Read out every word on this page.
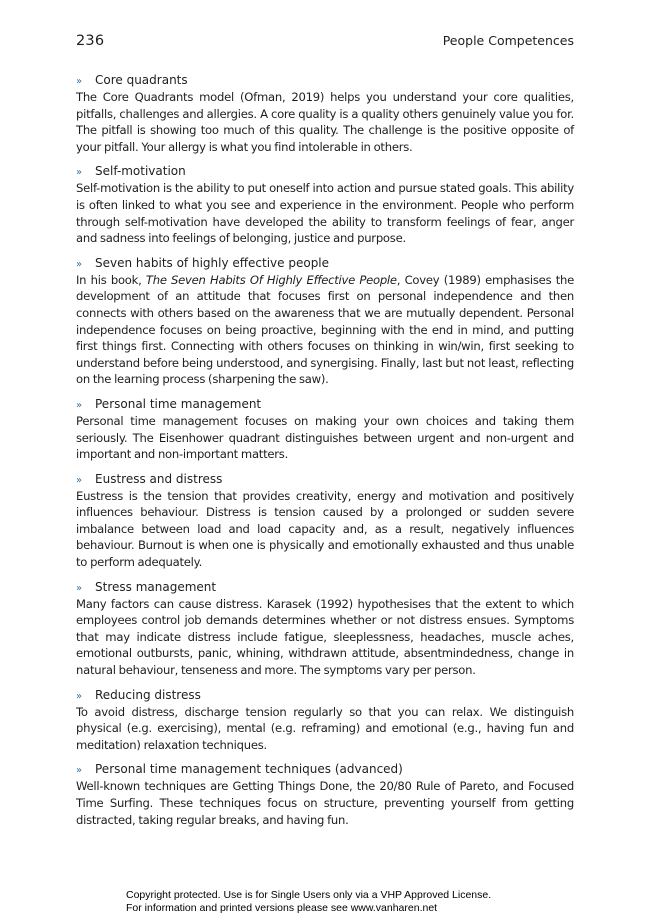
236	People Competences
» Core quadrants

The Core Quadrants model (Ofman, 2019) helps you understand your core qualities, pitfalls, challenges and allergies. A core quality is a quality others genuinely value you for. The pitfall is showing too much of this quality. The challenge is the positive opposite of your pitfall. Your allergy is what you find intolerable in others.

» Self-motivation

Self-motivation is the ability to put oneself into action and pursue stated goals. This ability is often linked to what you see and experience in the environment. People who perform through self-motivation have developed the ability to transform feelings of fear, anger and sadness into feelings of belonging, justice and purpose.

» Seven habits of highly effective people

In his book, The Seven Habits Of Highly Effective People, Covey (1989) emphasises the development of an attitude that focuses first on personal independence and then connects with others based on the awareness that we are mutually dependent. Personal independence focuses on being proactive, beginning with the end in mind, and putting first things first. Connecting with others focuses on thinking in win/win, first seeking to understand before being understood, and synergising. Finally, last but not least, reflecting on the learning process (sharpening the saw).

» Personal time management

Personal time management focuses on making your own choices and taking them seriously. The Eisenhower quadrant distinguishes between urgent and non-urgent and important and non-important matters.

» Eustress and distress

Eustress is the tension that provides creativity, energy and motivation and positively influences behaviour. Distress is tension caused by a prolonged or sudden severe imbalance between load and load capacity and, as a result, negatively influences behaviour. Burnout is when one is physically and emotionally exhausted and thus unable to perform adequately.

» Stress management

Many factors can cause distress. Karasek (1992) hypothesises that the extent to which employees control job demands determines whether or not distress ensues. Symptoms that may indicate distress include fatigue, sleeplessness, headaches, muscle aches, emotional outbursts, panic, whining, withdrawn attitude, absentmindedness, change in natural behaviour, tenseness and more. The symptoms vary per person.

» Reducing distress

To avoid distress, discharge tension regularly so that you can relax. We distinguish physical (e.g. exercising), mental (e.g. reframing) and emotional (e.g., having fun and meditation) relaxation techniques.

» Personal time management techniques (advanced)

Well-known techniques are Getting Things Done, the 20/80 Rule of Pareto, and Focused Time Surfing. These techniques focus on structure, preventing yourself from getting distracted, taking regular breaks, and having fun.

Copyright protected. Use is for Single Users only via a VHP Approved License.
For information and printed versions please see www.vanharen.net
